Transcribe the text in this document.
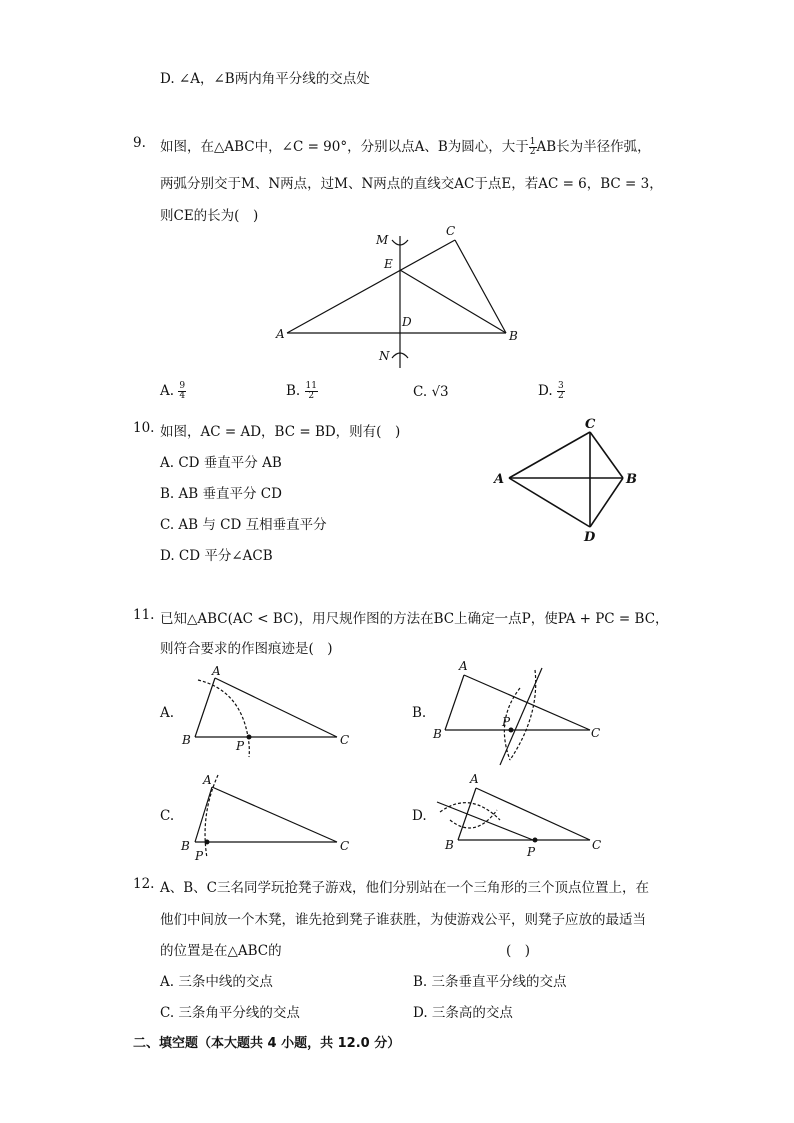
D. ∠A，∠B两内角平分线的交点处
9. 如图，在△ABC中，∠C = 90°，分别以点A、B为圆心，大于 $\frac{1}{2}$ AB长为半径作弧，
两弧分别交于M、N两点，过M、N两点的直线交AC于点E，若AC = 6，BC = 3，
则CE的长为(　)
M
C
E
D
A	B
N
A. $\frac{9}{4}$	B. $\frac{11}{2}$	C. √3	D. $\frac{3}{2}$
10. 如图，AC = AD，BC = BD，则有(　)
A. CD 垂直平分 AB
B. AB 垂直平分 CD
C. AB 与 CD 互相垂直平分
D. CD 平分∠ACB
C
A	B
D
11. 已知△ABC(AC < BC)，用尺规作图的方法在BC上确定一点P，使PA + PC = BC，
则符合要求的作图痕迹是(　)
A.	B.
C.	D.
A
B	C
P
A
B	C
P
A
B	C
P
A
B	C
P
12. A、B、C三名同学玩抢凳子游戏，他们分别站在一个三角形的三个顶点位置上，在
他们中间放一个木凳，谁先抢到凳子谁获胜，为使游戏公平，则凳子应放的最适当
的位置是在△ABC的	(　)
A. 三条中线的交点	B. 三条垂直平分线的交点
C. 三条角平分线的交点	D. 三条高的交点
二、填空题（本大题共 4 小题，共 12.0 分）
